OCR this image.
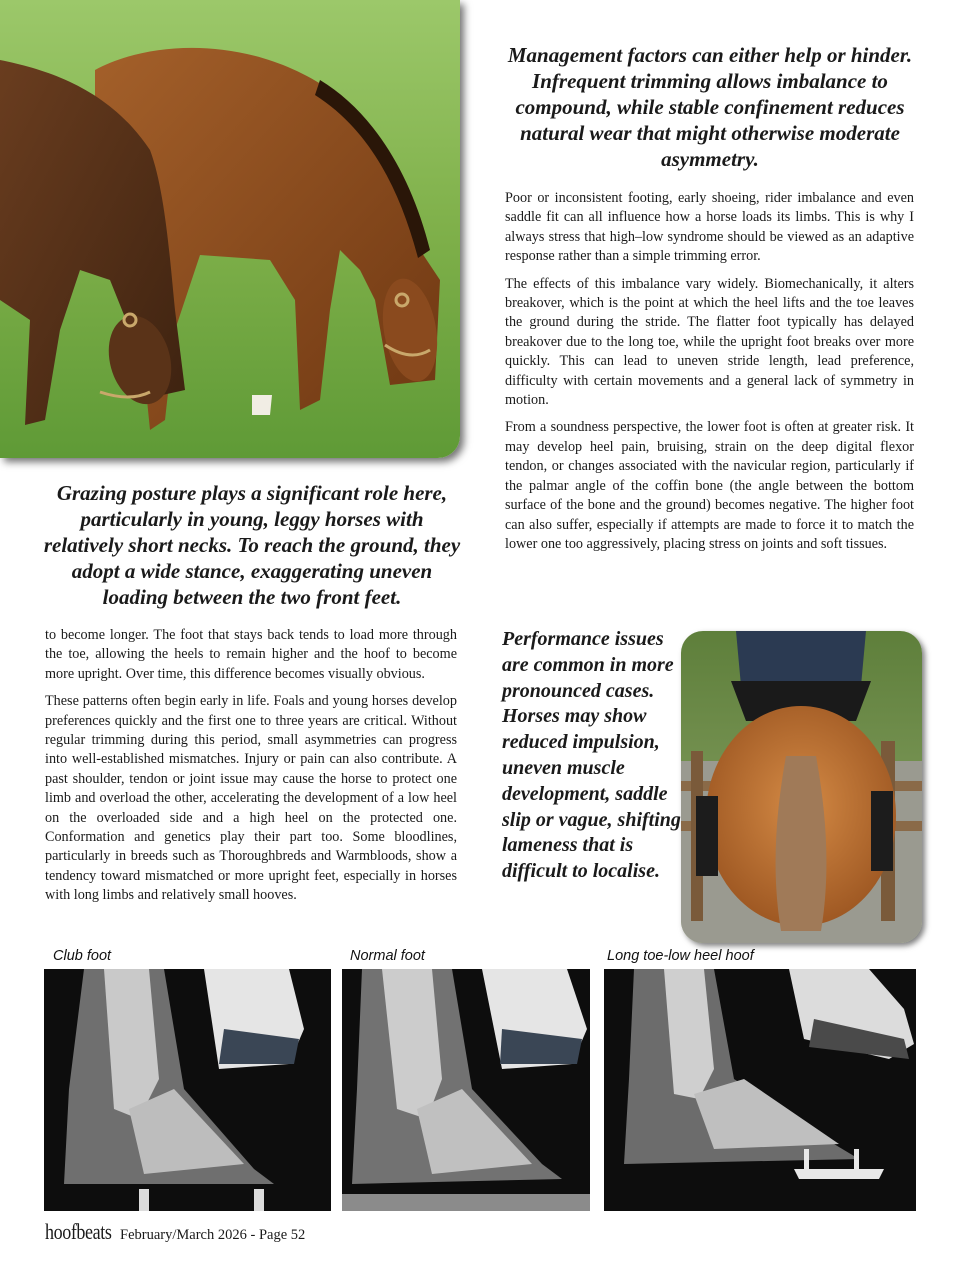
Management factors can either help or hinder. Infrequent trimming allows imbalance to compound, while stable confinement reduces natural wear that might otherwise moderate asymmetry.

Poor or inconsistent footing, early shoeing, rider imbalance and even saddle fit can all influence how a horse loads its limbs. This is why I always stress that high–low syndrome should be viewed as an adaptive response rather than a simple trimming error.

The effects of this imbalance vary widely. Biomechanically, it alters breakover, which is the point at which the heel lifts and the toe leaves the ground during the stride. The flatter foot typically has delayed breakover due to the long toe, while the upright foot breaks over more quickly. This can lead to uneven stride length, lead preference, difficulty with certain movements and a general lack of symmetry in motion.

From a soundness perspective, the lower foot is often at greater risk. It may develop heel pain, bruising, strain on the deep digital flexor tendon, or changes associated with the navicular region, particularly if the palmar angle of the coffin bone (the angle between the bottom surface of the bone and the ground) becomes negative. The higher foot can also suffer, especially if attempts are made to force it to match the lower one too aggressively, placing stress on joints and soft tissues.

Grazing posture plays a significant role here, particularly in young, leggy horses with relatively short necks. To reach the ground, they adopt a wide stance, exaggerating uneven loading between the two front feet.

to become longer. The foot that stays back tends to load more through the toe, allowing the heels to remain higher and the hoof to become more upright. Over time, this difference becomes visually obvious.

These patterns often begin early in life. Foals and young horses develop preferences quickly and the first one to three years are critical. Without regular trimming during this period, small asymmetries can progress into well-established mismatches. Injury or pain can also contribute. A past shoulder, tendon or joint issue may cause the horse to protect one limb and overload the other, accelerating the development of a low heel on the overloaded side and a high heel on the protected one. Conformation and genetics play their part too. Some bloodlines, particularly in breeds such as Thoroughbreds and Warmbloods, show a tendency toward mismatched or more upright feet, especially in horses with long limbs and relatively small hooves.

Performance issues are common in more pronounced cases. Horses may show reduced impulsion, uneven muscle development, saddle slip or vague, shifting lameness that is difficult to localise.

Club foot	Normal foot	Long toe-low heel hoof
hoofbeats February/March 2026 - Page 52
